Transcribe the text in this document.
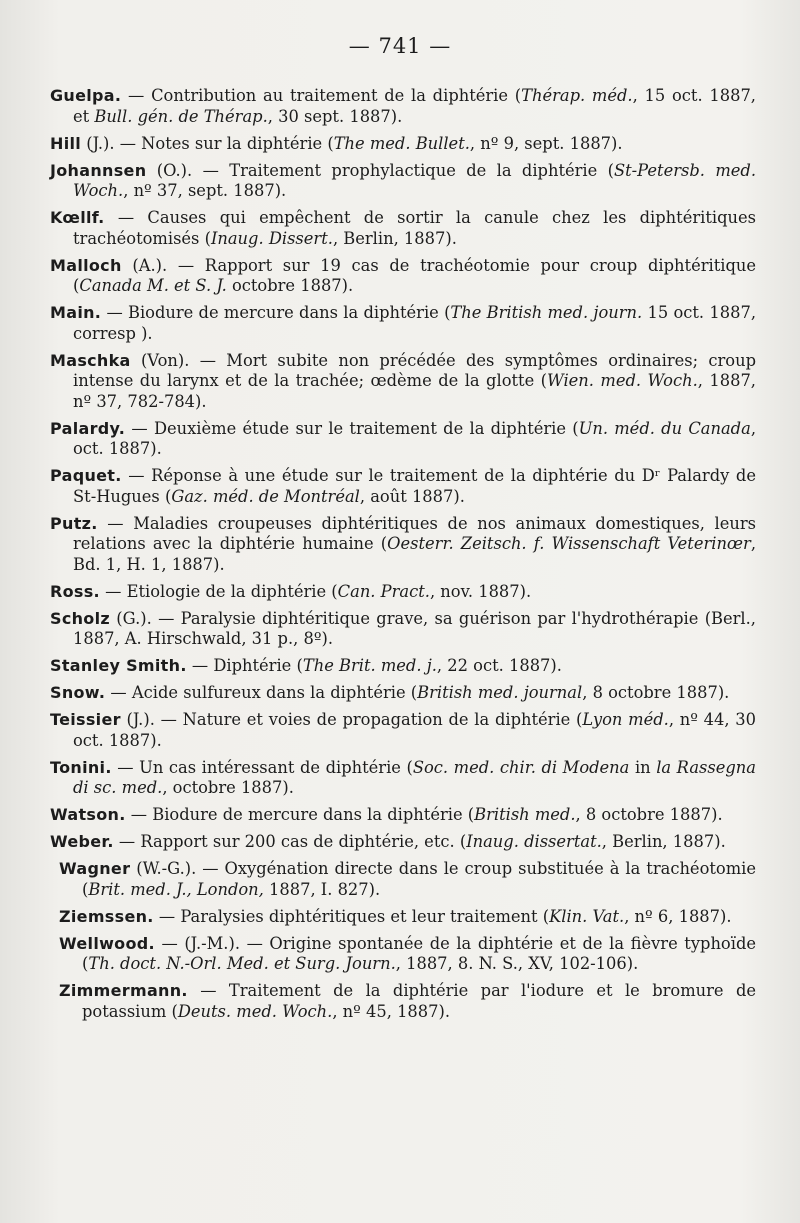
— 741 —
Guelpa. — Contribution au traitement de la diphtérie (Thérap. méd., 15 oct. 1887, et Bull. gén. de Thérap., 30 sept. 1887).
Hill (J.). — Notes sur la diphtérie (The med. Bullet., nº 9, sept. 1887).
Johannsen (O.). — Traitement prophylactique de la diphtérie (St-Petersb. med. Woch., nº 37, sept. 1887).
Kœllf. — Causes qui empêchent de sortir la canule chez les diphtéritiques trachéotomisés (Inaug. Dissert., Berlin, 1887).
Malloch (A.). — Rapport sur 19 cas de trachéotomie pour croup diphtéritique (Canada M. et S. J. octobre 1887).
Main. — Biodure de mercure dans la diphtérie (The British med. journ. 15 oct. 1887, corresp ).
Maschka (Von). — Mort subite non précédée des symptômes ordinaires; croup intense du larynx et de la trachée; œdème de la glotte (Wien. med. Woch., 1887, nº 37, 782-784).
Palardy. — Deuxième étude sur le traitement de la diphtérie (Un. méd. du Canada, oct. 1887).
Paquet. — Réponse à une étude sur le traitement de la diphtérie du Dʳ Palardy de St-Hugues (Gaz. méd. de Montréal, août 1887).
Putz. — Maladies croupeuses diphtéritiques de nos animaux domestiques, leurs relations avec la diphtérie humaine (Oesterr. Zeitsch. f. Wissenschaft Veterinœr, Bd. 1, H. 1, 1887).
Ross. — Etiologie de la diphtérie (Can. Pract., nov. 1887).
Scholz (G.). — Paralysie diphtéritique grave, sa guérison par l'hydrothérapie (Berl., 1887, A. Hirschwald, 31 p., 8º).
Stanley Smith. — Diphtérie (The Brit. med. j., 22 oct. 1887).
Snow. — Acide sulfureux dans la diphtérie (British med. journal, 8 octobre 1887).
Teissier (J.). — Nature et voies de propagation de la diphtérie (Lyon méd., nº 44, 30 oct. 1887).
Tonini. — Un cas intéressant de diphtérie (Soc. med. chir. di Modena in la Rassegna di sc. med., octobre 1887).
Watson. — Biodure de mercure dans la diphtérie (British med., 8 octobre 1887).
Weber. — Rapport sur 200 cas de diphtérie, etc. (Inaug. dissertat., Berlin, 1887).
Wagner (W.-G.). — Oxygénation directe dans le croup substituée à la trachéotomie (Brit. med. J., London, 1887, I. 827).
Ziemssen. — Paralysies diphtéritiques et leur traitement (Klin. Vat., nº 6, 1887).
Wellwood. — (J.-M.). — Origine spontanée de la diphtérie et de la fièvre typhoïde (Th. doct. N.-Orl. Med. et Surg. Journ., 1887, 8. N. S., XV, 102-106).
Zimmermann. — Traitement de la diphtérie par l'iodure et le bromure de potassium (Deuts. med. Woch., nº 45, 1887).
